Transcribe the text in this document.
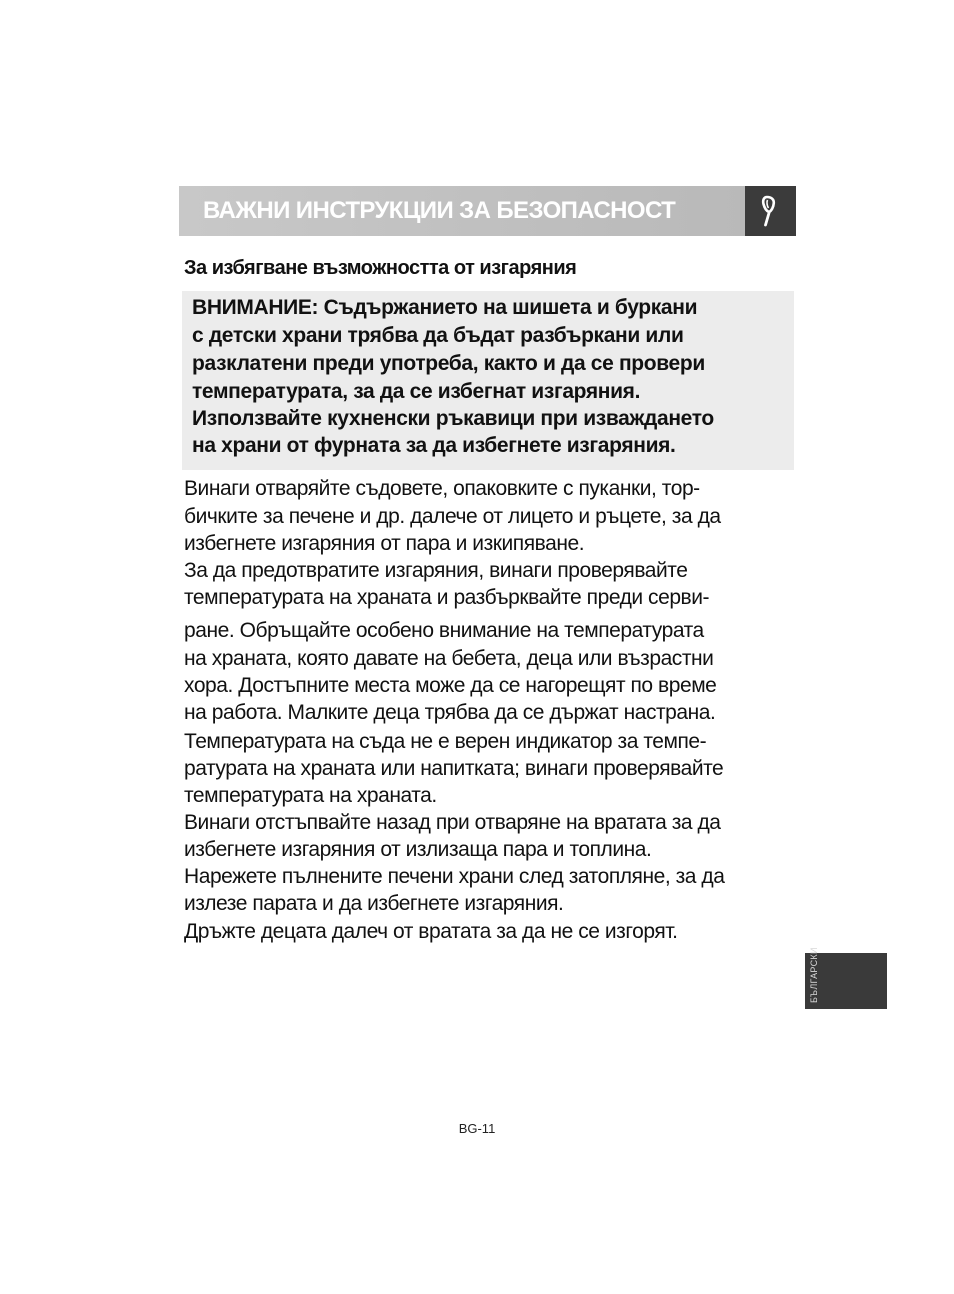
ВАЖНИ ИНСТРУКЦИИ ЗА БЕЗОПАСНОСТ
За избягване възможността от изгаряния
ВНИМАНИЕ: Съдържанието на шишета и буркани
с детски храни трябва да бъдат разбъркани или
разклатени преди употреба, както и да се провери
температурата, за да се избегнат изгаряния.
Използвайте кухненски ръкавици при изваждането
на храни от фурната за да избегнете изгаряния.
Винаги отваряйте съдовете, опаковките с пуканки, тор-
бичките за печене и др. далече от лицето и ръцете, за да
избегнете изгаряния от пара и изкипяване.
За да предотвратите изгаряния, винаги проверявайте
температурата на храната и разбърквайте преди серви-
ране. Обръщайте особено внимание на температурата
на храната, която давате на бебета, деца или възрастни
хора. Достъпните места може да се нагорещят по време
на работа. Малките деца трябва да се държат настрана.
Температурата на съда не е верен индикатор за темпе-
ратурата на храната или напитката; винаги проверявайте
температурата на храната.
Винаги отстъпвайте назад при отваряне на вратата за да
избегнете изгаряния от излизаща пара и топлина.
Нарежете пълнените печени храни след затопляне, за да
излезе парата и да избегнете изгаряния.
Дръжте децата далеч от вратата за да не се изгорят.
БЪЛГАРСКИ
BG-11
